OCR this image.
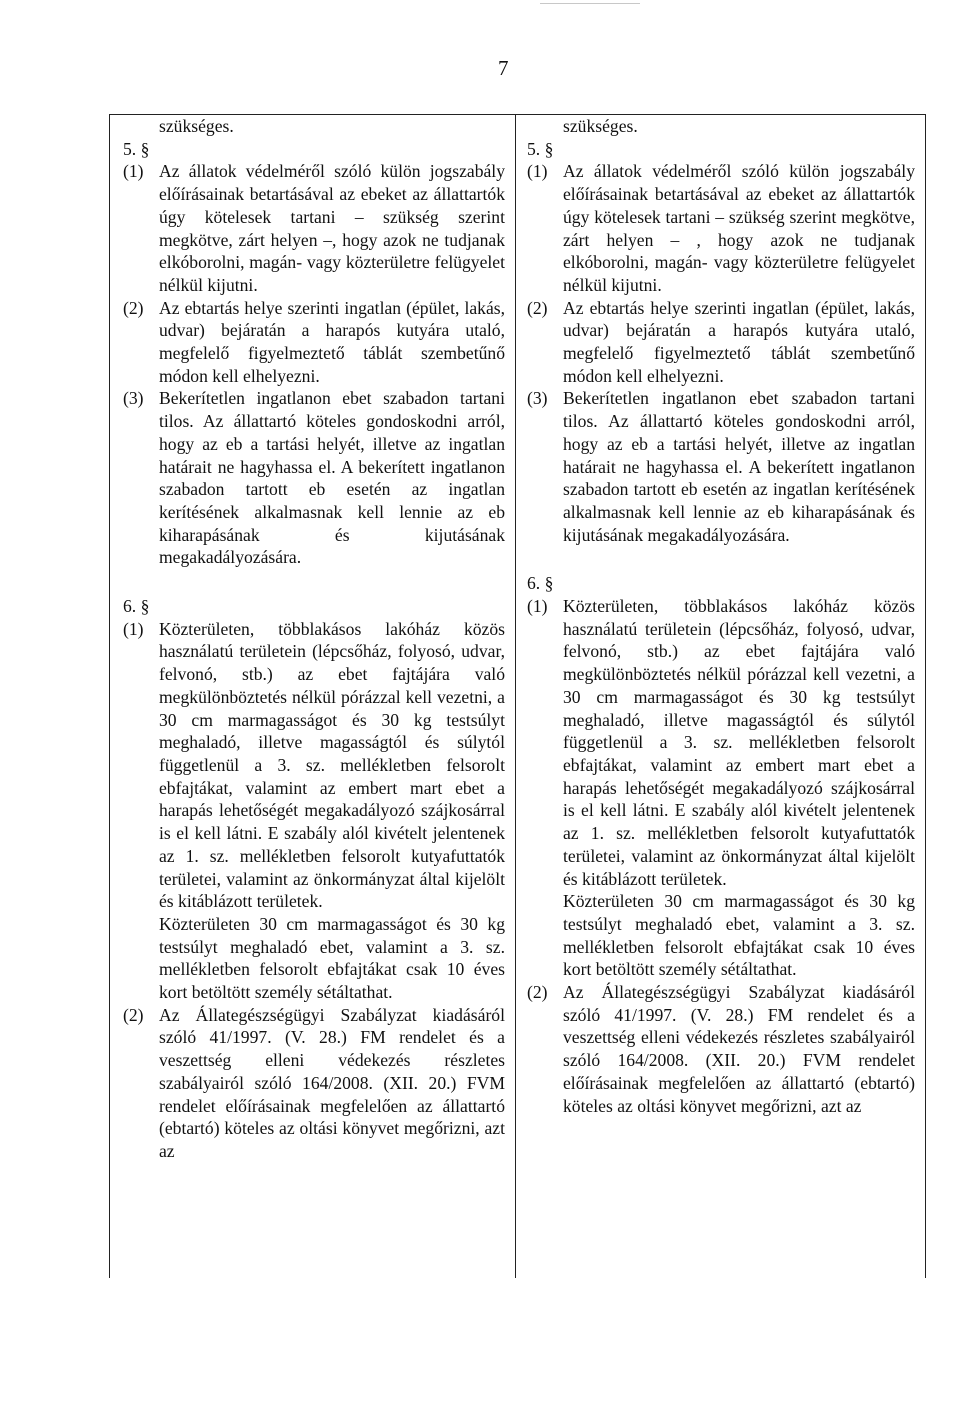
7

szükséges.

5. §

(1) Az állatok védelméről szóló külön jogszabály előírásainak betartásával az ebeket az állattartók úgy kötelesek tartani – szükség szerint megkötve, zárt helyen –, hogy azok ne tudjanak elkóborolni, magán- vagy közterületre felügyelet nélkül kijutni.
(2) Az ebtartás helye szerinti ingatlan (épület, lakás, udvar) bejáratán a harapós kutyára utaló, megfelelő figyelmeztető táblát szembetűnő módon kell elhelyezni.
(3) Bekerítetlen ingatlanon ebet szabadon tartani tilos. Az állattartó köteles gondoskodni arról, hogy az eb a tartási helyét, illetve az ingatlan határait ne hagyhassa el. A bekerített ingatlanon szabadon tartott eb esetén az ingatlan kerítésének alkalmasnak kell lennie az eb kiharapásának és kijutásának megakadályozására.

6. §

(1) Közterületen, többlakásos lakóház közös használatú területein (lépcsőház, folyosó, udvar, felvonó, stb.) az ebet fajtájára való megkülönböztetés nélkül pórázzal kell vezetni, a 30 cm marmagasságot és 30 kg testsúlyt meghaladó, illetve magasságtól és súlytól függetlenül a 3. sz. mellékletben felsorolt ebfajtákat, valamint az embert mart ebet a harapás lehetőségét megakadályozó szájkosárral is el kell látni. E szabály alól kivételt jelentenek az 1. sz. mellékletben felsorolt kutyafuttatók területei, valamint az önkormányzat által kijelölt és kitáblázott területek.
Közterületen 30 cm marmagasságot és 30 kg testsúlyt meghaladó ebet, valamint a 3. sz. mellékletben felsorolt ebfajtákat csak 10 éves kort betöltött személy sétáltathat.
(2) Az Állategészségügyi Szabályzat kiadásáról szóló 41/1997. (V. 28.) FM rendelet és a veszettség elleni védekezés részletes szabályairól szóló 164/2008. (XII. 20.) FVM rendelet előírásainak megfelelően az állattartó (ebtartó) köteles az oltási könyvet megőrizni, azt az

szükséges.

5. §

(1) Az állatok védelméről szóló külön jogszabály előírásainak betartásával az ebeket az állattartók úgy kötelesek tartani – szükség szerint megkötve, zárt helyen – , hogy azok ne tudjanak elkóborolni, magán- vagy közterületre felügyelet nélkül kijutni.
(2) Az ebtartás helye szerinti ingatlan (épület, lakás, udvar) bejáratán a harapós kutyára utaló, megfelelő figyelmeztető táblát szembetűnő módon kell elhelyezni.
(3) Bekerítetlen ingatlanon ebet szabadon tartani tilos. Az állattartó köteles gondoskodni arról, hogy az eb a tartási helyét, illetve az ingatlan határait ne hagyhassa el. A bekerített ingatlanon szabadon tartott eb esetén az ingatlan kerítésének alkalmasnak kell lennie az eb kiharapásának és kijutásának megakadályozására.

6. §

(1) Közterületen, többlakásos lakóház közös használatú területein (lépcsőház, folyosó, udvar, felvonó, stb.) az ebet fajtájára való megkülönböztetés nélkül pórázzal kell vezetni, a 30 cm marmagasságot és 30 kg testsúlyt meghaladó, illetve magasságtól és súlytól függetlenül a 3. sz. mellékletben felsorolt ebfajtákat, valamint az embert mart ebet a harapás lehetőségét megakadályozó szájkosárral is el kell látni. E szabály alól kivételt jelentenek az 1. sz. mellékletben felsorolt kutyafuttatók területei, valamint az önkormányzat által kijelölt és kitáblázott területek.
Közterületen 30 cm marmagasságot és 30 kg testsúlyt meghaladó ebet, valamint a 3. sz. mellékletben felsorolt ebfajtákat csak 10 éves kort betöltött személy sétáltathat.
(2) Az Állategészségügyi Szabályzat kiadásáról szóló 41/1997. (V. 28.) FM rendelet és a veszettség elleni védekezés részletes szabályairól szóló 164/2008. (XII. 20.) FVM rendelet előírásainak megfelelően az állattartó (ebtartó) köteles az oltási könyvet megőrizni, azt az
